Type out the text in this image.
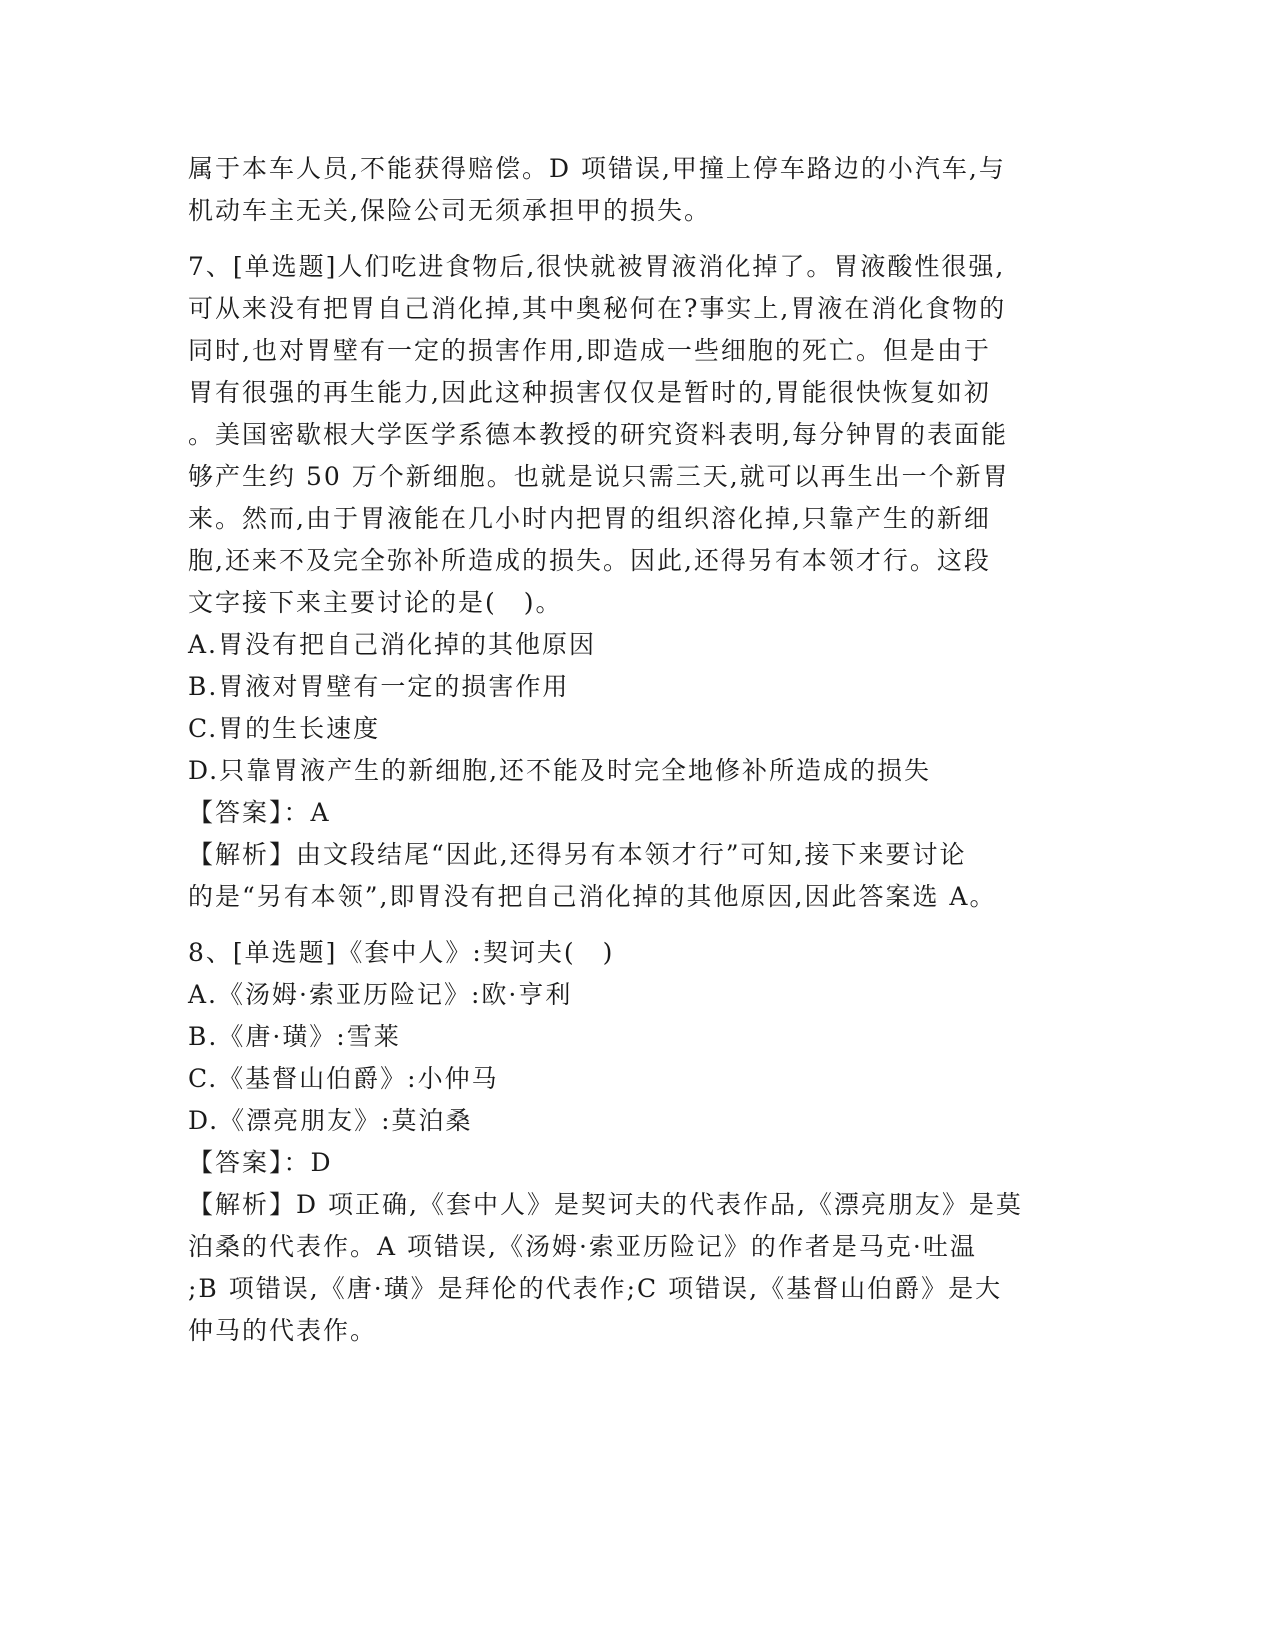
属于本车人员,不能获得赔偿。D 项错误,甲撞上停车路边的小汽车,与

机动车主无关,保险公司无须承担甲的损失。

7、[单选题]人们吃进食物后,很快就被胃液消化掉了。胃液酸性很强,

可从来没有把胃自己消化掉,其中奥秘何在?事实上,胃液在消化食物的

同时,也对胃壁有一定的损害作用,即造成一些细胞的死亡。但是由于

胃有很强的再生能力,因此这种损害仅仅是暂时的,胃能很快恢复如初

。美国密歇根大学医学系德本教授的研究资料表明,每分钟胃的表面能

够产生约 50 万个新细胞。也就是说只需三天,就可以再生出一个新胃

来。然而,由于胃液能在几小时内把胃的组织溶化掉,只靠产生的新细

胞,还来不及完全弥补所造成的损失。因此,还得另有本领才行。这段

文字接下来主要讨论的是(　)。

A.胃没有把自己消化掉的其他原因

B.胃液对胃壁有一定的损害作用

C.胃的生长速度

D.只靠胃液产生的新细胞,还不能及时完全地修补所造成的损失

【答案】：A

【解析】由文段结尾“因此,还得另有本领才行”可知,接下来要讨论

的是“另有本领”,即胃没有把自己消化掉的其他原因,因此答案选 A。

8、[单选题]《套中人》:契诃夫(　)

A.《汤姆·索亚历险记》:欧·亨利

B.《唐·璜》:雪莱

C.《基督山伯爵》:小仲马

D.《漂亮朋友》:莫泊桑

【答案】：D

【解析】D 项正确,《套中人》是契诃夫的代表作品,《漂亮朋友》是莫

泊桑的代表作。A 项错误,《汤姆·索亚历险记》的作者是马克·吐温

;B 项错误,《唐·璜》是拜伦的代表作;C 项错误,《基督山伯爵》是大

仲马的代表作。
